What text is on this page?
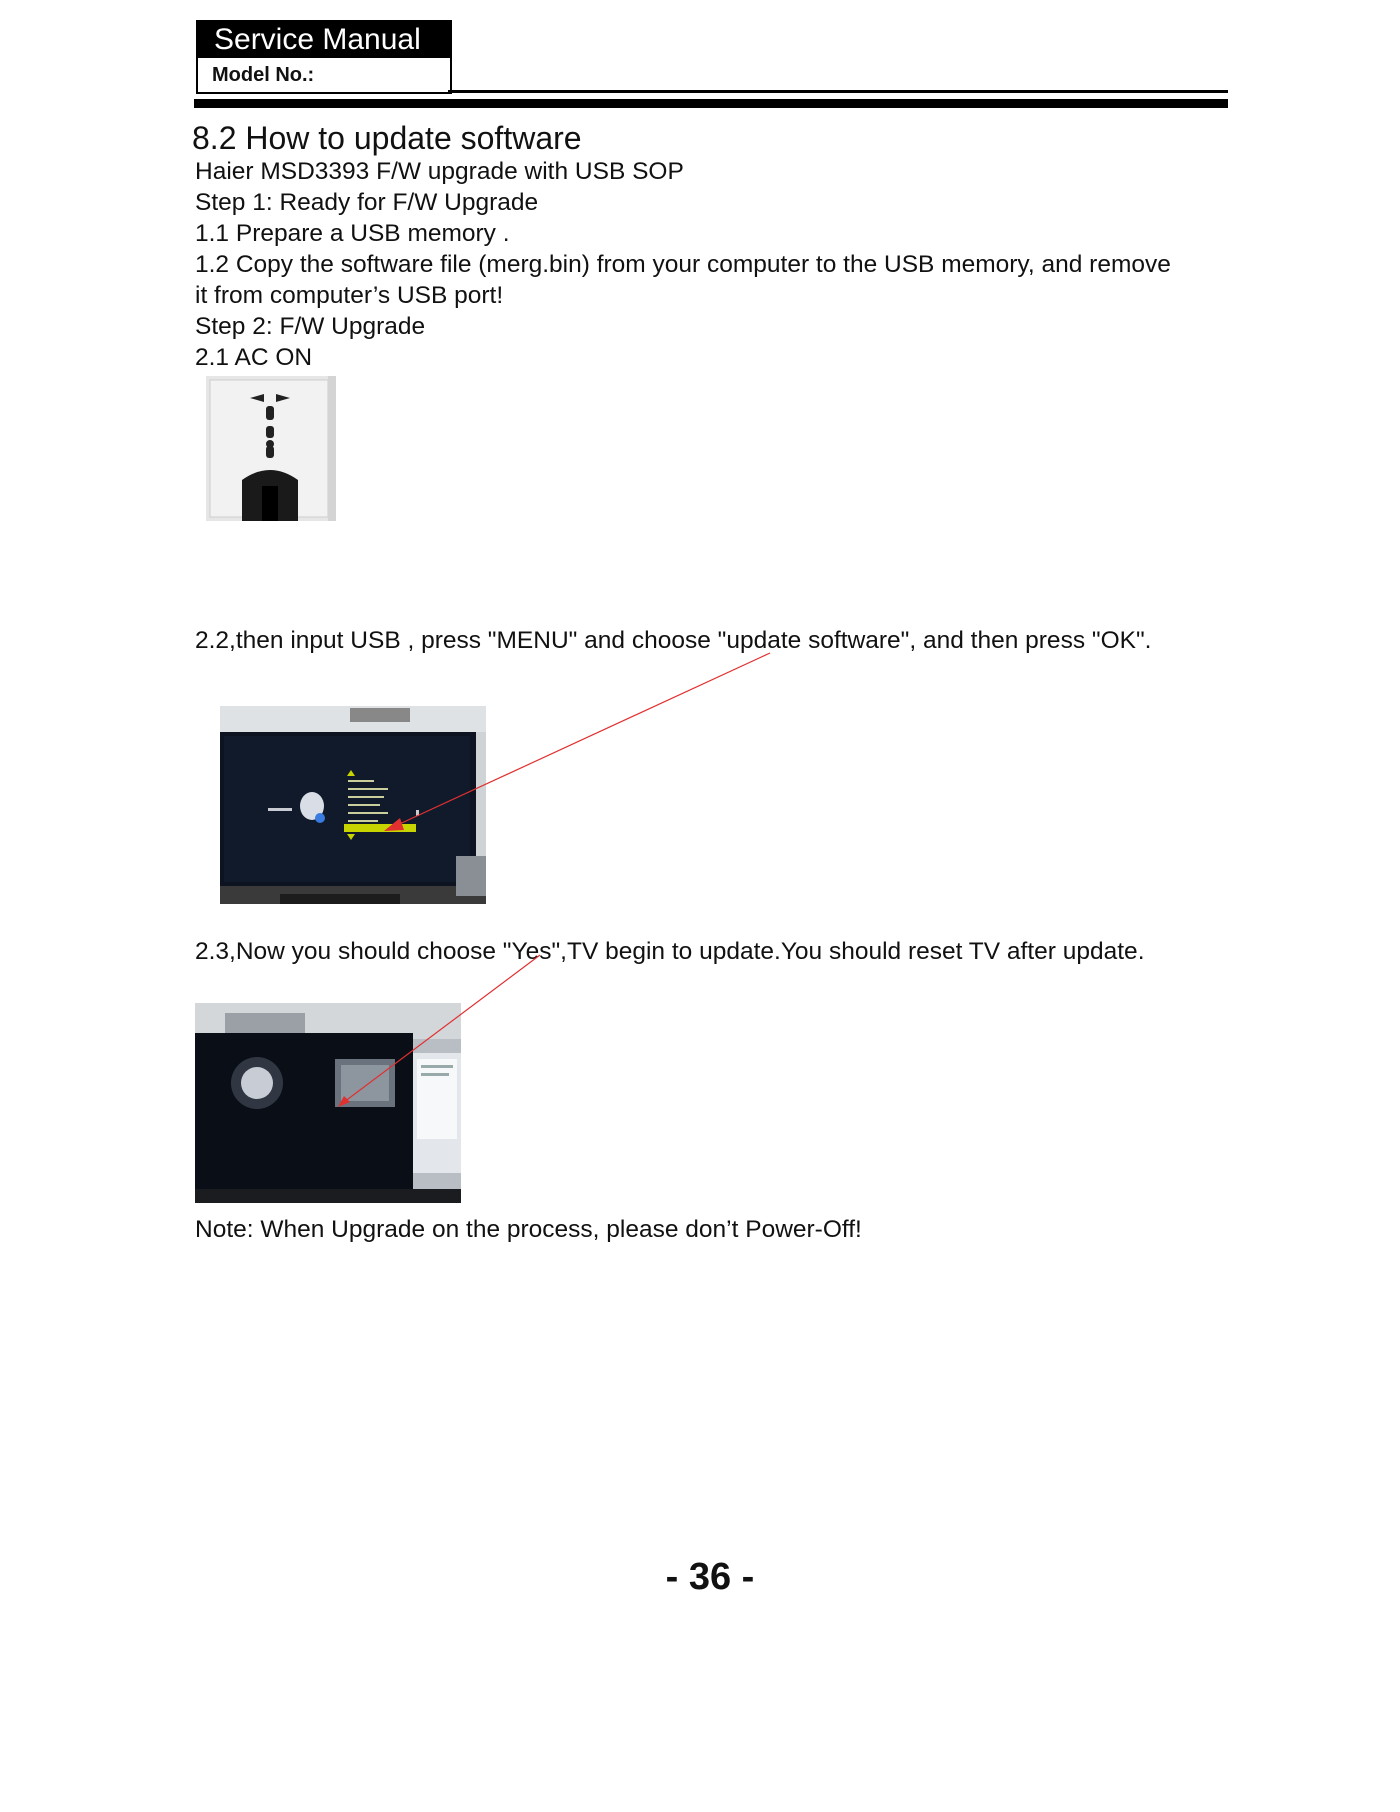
Service Manual
Model No.:
8.2 How to update software
Haier MSD3393 F/W upgrade with USB SOP
Step 1: Ready for F/W Upgrade
1.1 Prepare a USB memory .
1.2 Copy the software file (merg.bin) from your computer to the USB memory, and remove
it from computer’s USB port!
Step 2: F/W Upgrade
2.1 AC ON
2.2,then input USB , press "MENU" and choose "update software", and then press "OK".
2.3,Now you should choose "Yes",TV begin to update.You should reset TV after update.
Note: When Upgrade on the process, please don’t Power-Off!
- 36 -
